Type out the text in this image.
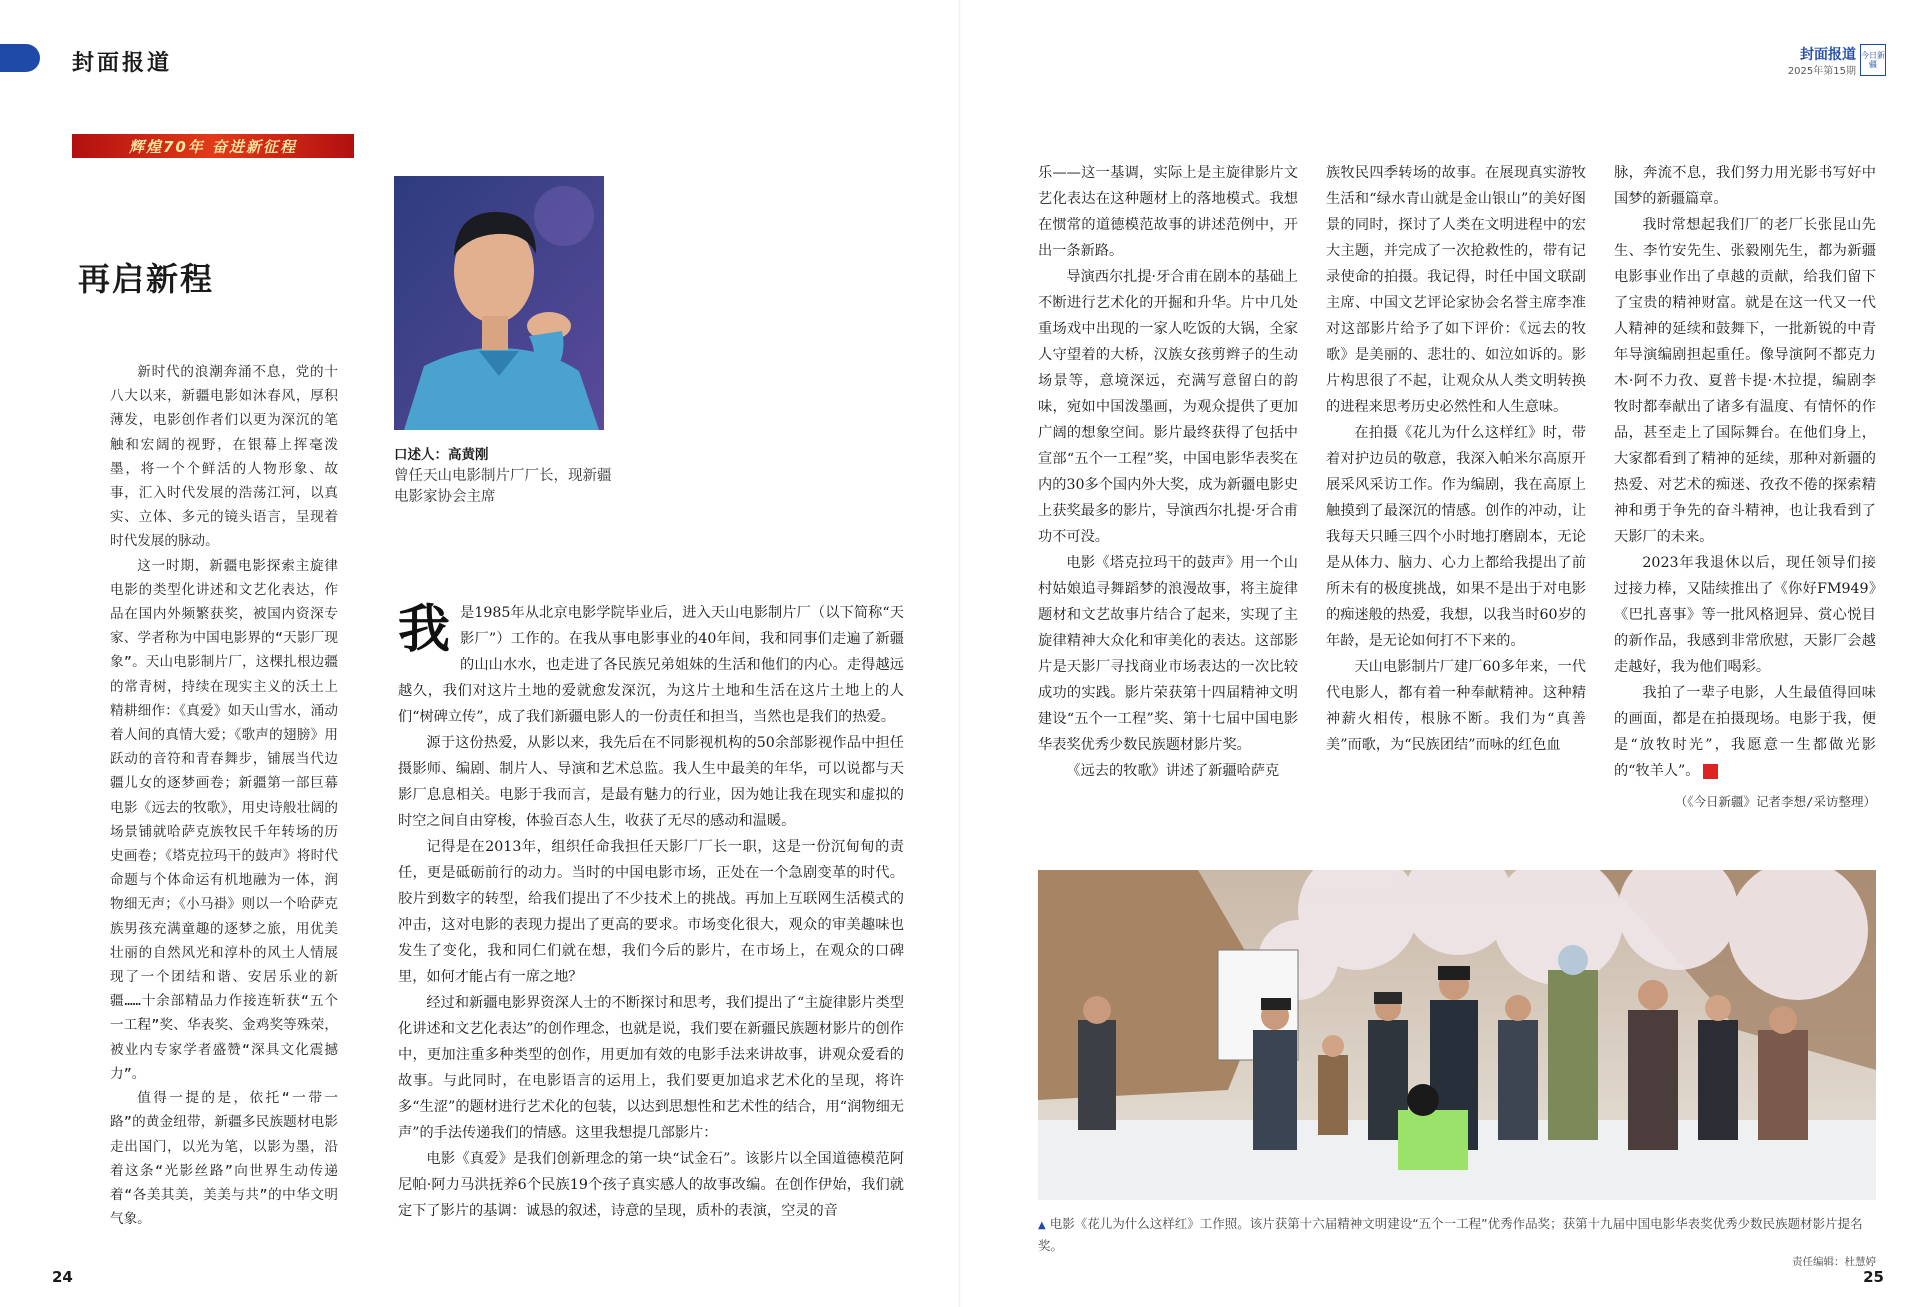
封面报道	封面报道
2025年第15期
今日新疆
辉煌70年 奋进新征程
再启新程

新时代的浪潮奔涌不息，党的十八大以来，新疆电影如沐春风，厚积薄发，电影创作者们以更为深沉的笔触和宏阔的视野，在银幕上挥毫泼墨，将一个个鲜活的人物形象、故事，汇入时代发展的浩荡江河，以真实、立体、多元的镜头语言，呈现着时代发展的脉动。

这一时期，新疆电影探索主旋律电影的类型化讲述和文艺化表达，作品在国内外频繁获奖，被国内资深专家、学者称为中国电影界的“天影厂现象”。天山电影制片厂，这棵扎根边疆的常青树，持续在现实主义的沃土上精耕细作：《真爱》如天山雪水，涌动着人间的真情大爱；《歌声的翅膀》用跃动的音符和青春舞步，铺展当代边疆儿女的逐梦画卷；新疆第一部巨幕电影《远去的牧歌》，用史诗般壮阔的场景铺就哈萨克族牧民千年转场的历史画卷；《塔克拉玛干的鼓声》将时代命题与个体命运有机地融为一体，润物细无声；《小马褂》则以一个哈萨克族男孩充满童趣的逐梦之旅，用优美壮丽的自然风光和淳朴的风土人情展现了一个团结和谐、安居乐业的新疆……十余部精品力作接连斩获“五个一工程”奖、华表奖、金鸡奖等殊荣，被业内专家学者盛赞“深具文化震撼力”。

值得一提的是，依托“一带一路”的黄金纽带，新疆多民族题材电影走出国门，以光为笔，以影为墨，沿着这条“光影丝路”向世界生动传递着“各美其美，美美与共”的中华文明气象。

口述人：高黄刚
曾任天山电影制片厂厂长，现新疆电影家协会主席

我是1985年从北京电影学院毕业后，进入天山电影制片厂（以下简称“天影厂”）工作的。在我从事电影事业的40年间，我和同事们走遍了新疆的山山水水，也走进了各民族兄弟姐妹的生活和他们的内心。走得越远越久，我们对这片土地的爱就愈发深沉，为这片土地和生活在这片土地上的人们“树碑立传”，成了我们新疆电影人的一份责任和担当，当然也是我们的热爱。

源于这份热爱，从影以来，我先后在不同影视机构的50余部影视作品中担任摄影师、编剧、制片人、导演和艺术总监。我人生中最美的年华，可以说都与天影厂息息相关。电影于我而言，是最有魅力的行业，因为她让我在现实和虚拟的时空之间自由穿梭，体验百态人生，收获了无尽的感动和温暖。

记得是在2013年，组织任命我担任天影厂厂长一职，这是一份沉甸甸的责任，更是砥砺前行的动力。当时的中国电影市场，正处在一个急剧变革的时代。胶片到数字的转型，给我们提出了不少技术上的挑战。再加上互联网生活模式的冲击，这对电影的表现力提出了更高的要求。市场变化很大，观众的审美趣味也发生了变化，我和同仁们就在想，我们今后的影片，在市场上，在观众的口碑里，如何才能占有一席之地？

经过和新疆电影界资深人士的不断探讨和思考，我们提出了“主旋律影片类型化讲述和文艺化表达”的创作理念，也就是说，我们要在新疆民族题材影片的创作中，更加注重多种类型的创作，用更加有效的电影手法来讲故事，讲观众爱看的故事。与此同时，在电影语言的运用上，我们要更加追求艺术化的呈现，将许多“生涩”的题材进行艺术化的包装，以达到思想性和艺术性的结合，用“润物细无声”的手法传递我们的情感。这里我想提几部影片：

电影《真爱》是我们创新理念的第一块“试金石”。该影片以全国道德模范阿尼帕·阿力马洪抚养6个民族19个孩子真实感人的故事改编。在创作伊始，我们就定下了影片的基调：诚恳的叙述，诗意的呈现，质朴的表演，空灵的音

乐——这一基调，实际上是主旋律影片文艺化表达在这种题材上的落地模式。我想在惯常的道德模范故事的讲述范例中，开出一条新路。

导演西尔扎提·牙合甫在剧本的基础上不断进行艺术化的开掘和升华。片中几处重场戏中出现的一家人吃饭的大锅，全家人守望着的大桥，汉族女孩剪辫子的生动场景等，意境深远，充满写意留白的韵味，宛如中国泼墨画，为观众提供了更加广阔的想象空间。影片最终获得了包括中宣部“五个一工程”奖，中国电影华表奖在内的30多个国内外大奖，成为新疆电影史上获奖最多的影片，导演西尔扎提·牙合甫功不可没。

电影《塔克拉玛干的鼓声》用一个山村姑娘追寻舞蹈梦的浪漫故事，将主旋律题材和文艺故事片结合了起来，实现了主旋律精神大众化和审美化的表达。这部影片是天影厂寻找商业市场表达的一次比较成功的实践。影片荣获第十四届精神文明建设“五个一工程”奖、第十七届中国电影华表奖优秀少数民族题材影片奖。

《远去的牧歌》讲述了新疆哈萨克

族牧民四季转场的故事。在展现真实游牧生活和“绿水青山就是金山银山”的美好图景的同时，探讨了人类在文明进程中的宏大主题，并完成了一次抢救性的，带有记录使命的拍摄。我记得，时任中国文联副主席、中国文艺评论家协会名誉主席李准对这部影片给予了如下评价：《远去的牧歌》是美丽的、悲壮的、如泣如诉的。影片构思很了不起，让观众从人类文明转换的进程来思考历史必然性和人生意味。

在拍摄《花儿为什么这样红》时，带着对护边员的敬意，我深入帕米尔高原开展采风采访工作。作为编剧，我在高原上触摸到了最深沉的情感。创作的冲动，让我每天只睡三四个小时地打磨剧本，无论是从体力、脑力、心力上都给我提出了前所未有的极度挑战，如果不是出于对电影的痴迷般的热爱，我想，以我当时60岁的年龄，是无论如何打不下来的。

天山电影制片厂建厂60多年来，一代代电影人，都有着一种奉献精神。这种精神薪火相传，根脉不断。我们为“真善美”而歌，为“民族团结”而咏的红色血

脉，奔流不息，我们努力用光影书写好中国梦的新疆篇章。

我时常想起我们厂的老厂长张昆山先生、李竹安先生、张毅刚先生，都为新疆电影事业作出了卓越的贡献，给我们留下了宝贵的精神财富。就是在这一代又一代人精神的延续和鼓舞下，一批新锐的中青年导演编剧担起重任。像导演阿不都克力木·阿不力孜、夏普卡提·木拉提，编剧李牧时都奉献出了诸多有温度、有情怀的作品，甚至走上了国际舞台。在他们身上，大家都看到了精神的延续，那种对新疆的热爱、对艺术的痴迷、孜孜不倦的探索精神和勇于争先的奋斗精神，也让我看到了天影厂的未来。

2023年我退休以后，现任领导们接过接力棒，又陆续推出了《你好FM949》《巴扎喜事》等一批风格迥异、赏心悦目的新作品，我感到非常欣慰，天影厂会越走越好，我为他们喝彩。

我拍了一辈子电影，人生最值得回味的画面，都是在拍摄现场。电影于我，便是“放牧时光”，我愿意一生都做光影的“牧羊人”。	J

（《今日新疆》记者李想/采访整理）
▲ 电影《花儿为什么这样红》工作照。该片获第十六届精神文明建设“五个一工程”优秀作品奖；获第十九届中国电影华表奖优秀少数民族题材影片提名奖。
责任编辑：杜慧婷
24	25
